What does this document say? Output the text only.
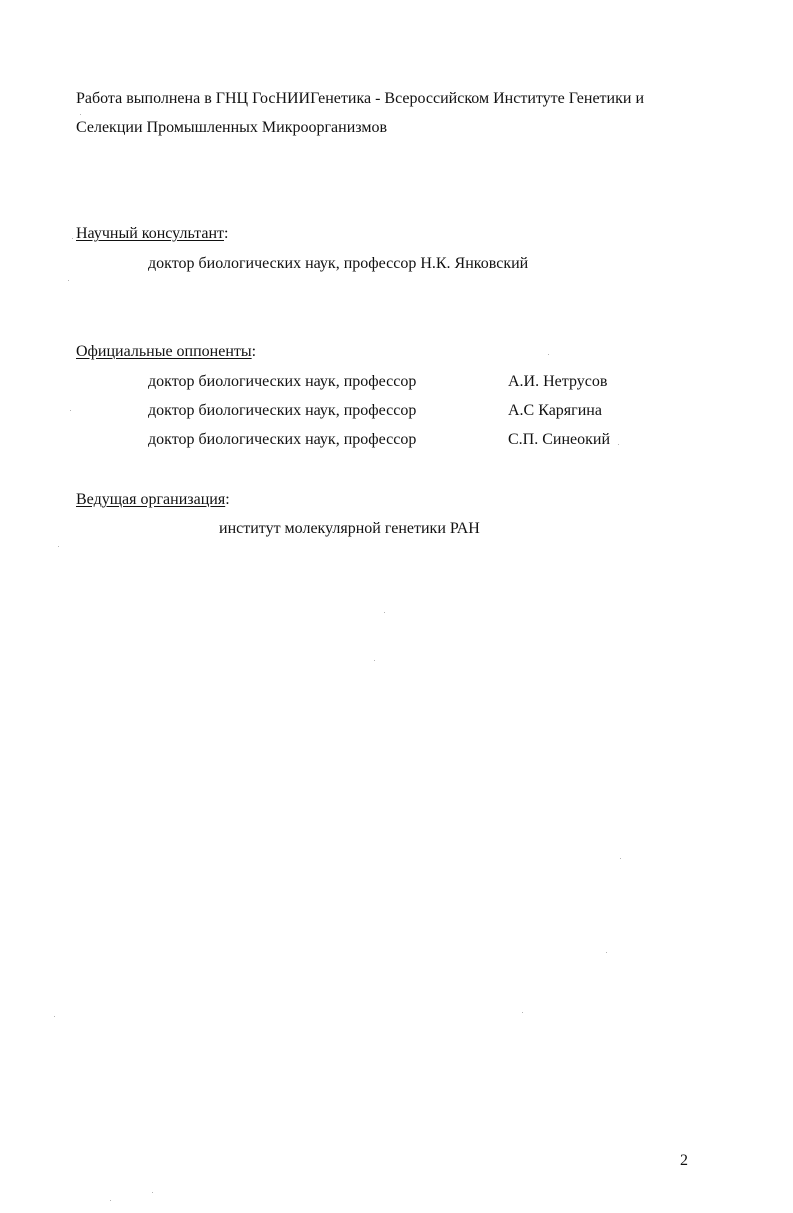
Работа выполнена в ГНЦ ГосНИИГенетика - Всероссийском Институте Генетики и
Селекции Промышленных Микроорганизмов
Научный консультант:
доктор биологических наук, профессор Н.К. Янковский
Официальные оппоненты:
доктор биологических наук, профессор	А.И. Нетрусов
доктор биологических наук, профессор	А.С Карягина
доктор биологических наук, профессор	С.П. Синеокий
Ведущая организация:
институт молекулярной генетики РАН
2
